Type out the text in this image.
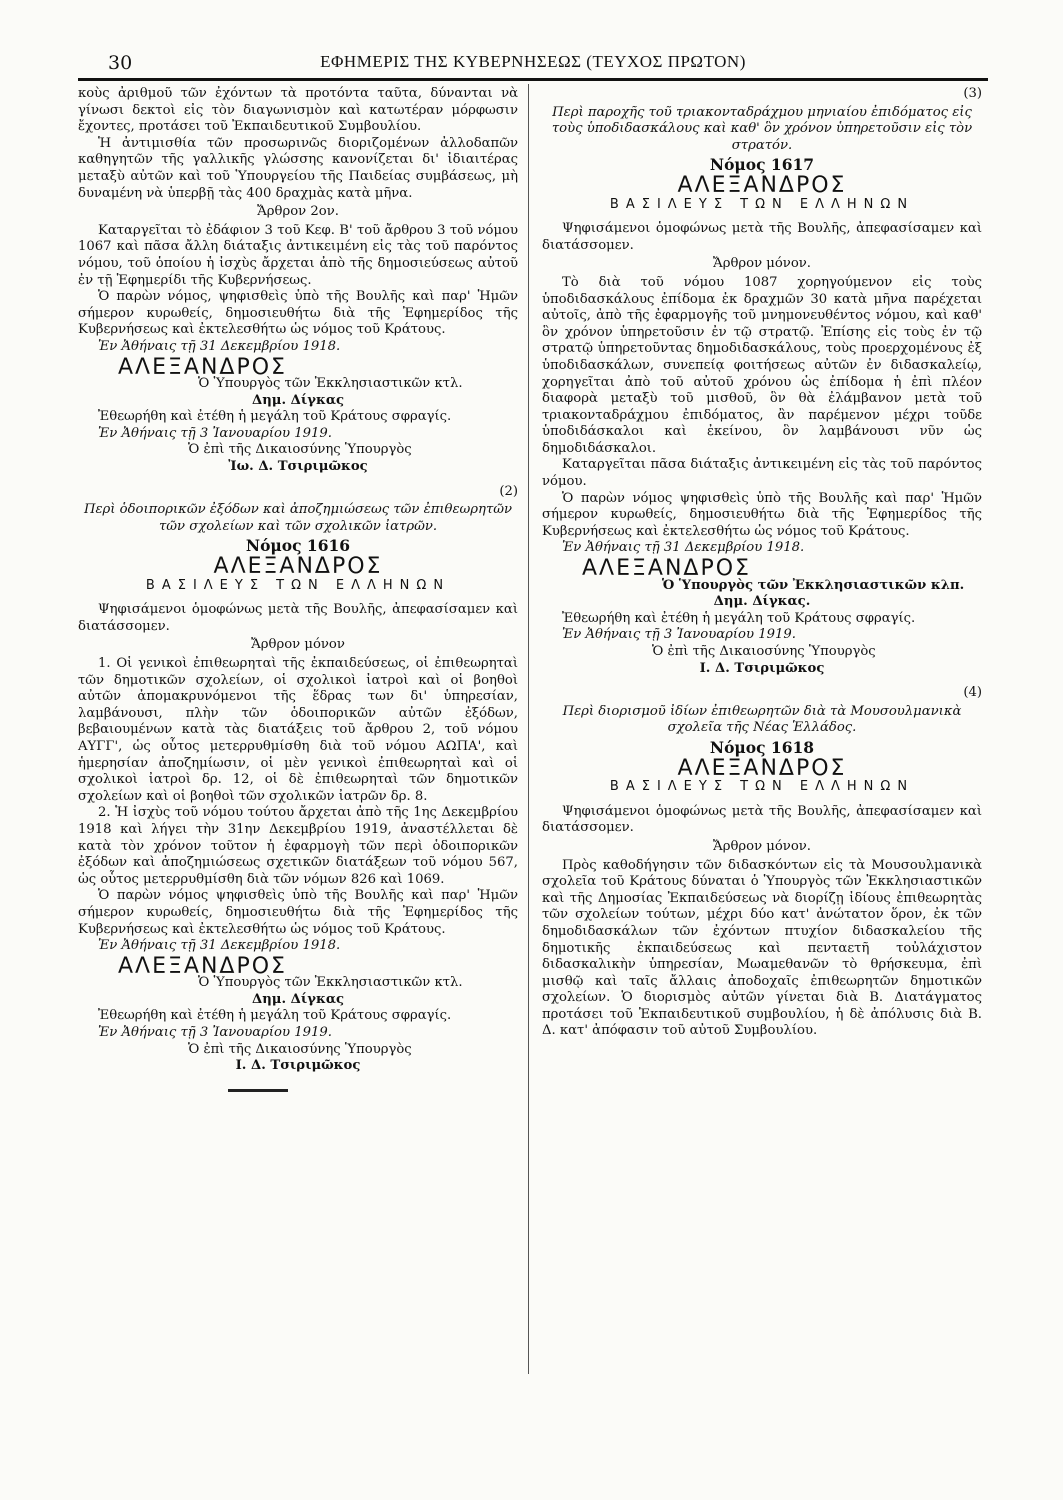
30	ΕΦΗΜΕΡΙΣ ΤΗΣ ΚΥΒΕΡΝΗΣΕΩΣ (ΤΕΥΧΟΣ ΠΡΩΤΟΝ)

κοὺς ἀριθμοῦ τῶν ἐχόντων τὰ προτόντα ταῦτα, δύνανται νὰ γίνωσι δεκτοὶ εἰς τὸν διαγωνισμὸν καὶ κατωτέραν μόρφωσιν ἔχοντες, προτάσει τοῦ Ἐκπαιδευτικοῦ Συμβουλίου.

Ἡ ἀντιμισθία τῶν προσωρινῶς διοριζομένων ἀλλοδαπῶν καθηγητῶν τῆς γαλλικῆς γλώσσης κανονίζεται δι' ἰδιαιτέρας μεταξὺ αὐτῶν καὶ τοῦ Ὑπουργείου τῆς Παιδείας συμβάσεως, μὴ δυναμένη νὰ ὑπερβῇ τὰς 400 δραχμὰς κατὰ μῆνα.

Ἄρθρον 2ον.

Καταργεῖται τὸ ἐδάφιον 3 τοῦ Κεφ. Β' τοῦ ἄρθρου 3 τοῦ νόμου 1067 καὶ πᾶσα ἄλλη διάταξις ἀντικειμένη εἰς τὰς τοῦ παρόντος νόμου, τοῦ ὁποίου ἡ ἰσχὺς ἄρχεται ἀπὸ τῆς δημοσιεύσεως αὐτοῦ ἐν τῇ Ἐφημερίδι τῆς Κυβερνήσεως.

Ὁ παρὼν νόμος, ψηφισθεὶς ὑπὸ τῆς Βουλῆς καὶ παρ' Ἡμῶν σήμερον κυρωθείς, δημοσιευθήτω διὰ τῆς Ἐφημερίδος τῆς Κυβερνήσεως καὶ ἐκτελεσθήτω ὡς νόμος τοῦ Κράτους.

Ἐν Ἀθήναις τῇ 31 Δεκεμβρίου 1918.

ΑΛΕΞΑΝΔΡΟΣ

Ὁ Ὑπουργὸς τῶν Ἐκκλησιαστικῶν κτλ.

Δημ. Δίγκας

Ἐθεωρήθη καὶ ἐτέθη ἡ μεγάλη τοῦ Κράτους σφραγίς.

Ἐν Ἀθήναις τῇ 3 Ἰανουαρίου 1919.

Ὁ ἐπὶ τῆς Δικαιοσύνης Ὑπουργὸς

Ἰω. Δ. Τσιριμῶκος

(2)

Περὶ ὁδοιπορικῶν ἐξόδων καὶ ἀποζημιώσεως τῶν ἐπιθεωρητῶν τῶν σχολείων καὶ τῶν σχολικῶν ἰατρῶν.

Νόμος 1616

ΑΛΕΞΑΝΔΡΟΣ

ΒΑΣΙΛΕΥΣ ΤΩΝ ΕΛΛΗΝΩΝ

Ψηφισάμενοι ὁμοφώνως μετὰ τῆς Βουλῆς, ἀπεφασίσαμεν καὶ διατάσσομεν.

Ἄρθρον μόνον

1. Οἱ γενικοὶ ἐπιθεωρηταὶ τῆς ἐκπαιδεύσεως, οἱ ἐπιθεωρηταὶ τῶν δημοτικῶν σχολείων, οἱ σχολικοὶ ἰατροὶ καὶ οἱ βοηθοὶ αὐτῶν ἀπομακρυνόμενοι τῆς ἕδρας των δι' ὑπηρεσίαν, λαμβάνουσι, πλὴν τῶν ὁδοιπορικῶν αὐτῶν ἐξόδων, βεβαιουμένων κατὰ τὰς διατάξεις τοῦ ἄρθρου 2, τοῦ νόμου ΑΥΓΓ', ὡς οὗτος μετερρυθμίσθη διὰ τοῦ νόμου ΑΩΠΑ', καὶ ἡμερησίαν ἀποζημίωσιν, οἱ μὲν γενικοὶ ἐπιθεωρηταὶ καὶ οἱ σχολικοὶ ἰατροὶ δρ. 12, οἱ δὲ ἐπιθεωρηταὶ τῶν δημοτικῶν σχολείων καὶ οἱ βοηθοὶ τῶν σχολικῶν ἰατρῶν δρ. 8.

2. Ἡ ἰσχὺς τοῦ νόμου τούτου ἄρχεται ἀπὸ τῆς 1ης Δεκεμβρίου 1918 καὶ λήγει τὴν 31ην Δεκεμβρίου 1919, ἀναστέλλεται δὲ κατὰ τὸν χρόνον τοῦτον ἡ ἐφαρμογὴ τῶν περὶ ὁδοιπορικῶν ἐξόδων καὶ ἀποζημιώσεως σχετικῶν διατάξεων τοῦ νόμου 567, ὡς οὗτος μετερρυθμίσθη διὰ τῶν νόμων 826 καὶ 1069.

Ὁ παρὼν νόμος ψηφισθεὶς ὑπὸ τῆς Βουλῆς καὶ παρ' Ἡμῶν σήμερον κυρωθείς, δημοσιευθήτω διὰ τῆς Ἐφημερίδος τῆς Κυβερνήσεως καὶ ἐκτελεσθήτω ὡς νόμος τοῦ Κράτους.

Ἐν Ἀθήναις τῇ 31 Δεκεμβρίου 1918.

ΑΛΕΞΑΝΔΡΟΣ

Ὁ Ὑπουργὸς τῶν Ἐκκλησιαστικῶν κτλ.

Δημ. Δίγκας

Ἐθεωρήθη καὶ ἐτέθη ἡ μεγάλη τοῦ Κράτους σφραγίς.

Ἐν Ἀθήναις τῇ 3 Ἰανουαρίου 1919.

Ὁ ἐπὶ τῆς Δικαιοσύνης Ὑπουργὸς

Ι. Δ. Τσιριμῶκος

(3)

Περὶ παροχῆς τοῦ τριακονταδράχμου μηνιαίου ἐπιδόματος εἰς τοὺς ὑποδιδασκάλους καὶ καθ' ὃν χρόνον ὑπηρετοῦσιν εἰς τὸν στρατόν.

Νόμος 1617

ΑΛΕΞΑΝΔΡΟΣ

ΒΑΣΙΛΕΥΣ ΤΩΝ ΕΛΛΗΝΩΝ

Ψηφισάμενοι ὁμοφώνως μετὰ τῆς Βουλῆς, ἀπεφασίσαμεν καὶ διατάσσομεν.

Ἄρθρον μόνον.

Τὸ διὰ τοῦ νόμου 1087 χορηγούμενον εἰς τοὺς ὑποδιδασκάλους ἐπίδομα ἐκ δραχμῶν 30 κατὰ μῆνα παρέχεται αὐτοῖς, ἀπὸ τῆς ἐφαρμογῆς τοῦ μνημονευθέντος νόμου, καὶ καθ' ὃν χρόνον ὑπηρετοῦσιν ἐν τῷ στρατῷ. Ἐπίσης εἰς τοὺς ἐν τῷ στρατῷ ὑπηρετοῦντας δημοδιδασκάλους, τοὺς προερχομένους ἐξ ὑποδιδασκάλων, συνεπείᾳ φοιτήσεως αὐτῶν ἐν διδασκαλείῳ, χορηγεῖται ἀπὸ τοῦ αὐτοῦ χρόνου ὡς ἐπίδομα ἡ ἐπὶ πλέον διαφορὰ μεταξὺ τοῦ μισθοῦ, ὃν θὰ ἐλάμβανον μετὰ τοῦ τριακονταδράχμου ἐπιδόματος, ἂν παρέμενον μέχρι τοῦδε ὑποδιδάσκαλοι καὶ ἐκείνου, ὃν λαμβάνουσι νῦν ὡς δημοδιδάσκαλοι.

Καταργεῖται πᾶσα διάταξις ἀντικειμένη εἰς τὰς τοῦ παρόντος νόμου.

Ὁ παρὼν νόμος ψηφισθεὶς ὑπὸ τῆς Βουλῆς καὶ παρ' Ἡμῶν σήμερον κυρωθείς, δημοσιευθήτω διὰ τῆς Ἐφημερίδος τῆς Κυβερνήσεως καὶ ἐκτελεσθήτω ὡς νόμος τοῦ Κράτους.

Ἐν Ἀθήναις τῇ 31 Δεκεμβρίου 1918.

ΑΛΕΞΑΝΔΡΟΣ

Ὁ Ὑπουργὸς τῶν Ἐκκλησιαστικῶν κλπ.

Δημ. Δίγκας.

Ἐθεωρήθη καὶ ἐτέθη ἡ μεγάλη τοῦ Κράτους σφραγίς.

Ἐν Ἀθήναις τῇ 3 Ἰανουαρίου 1919.

Ὁ ἐπὶ τῆς Δικαιοσύνης Ὑπουργὸς

Ι. Δ. Τσιριμῶκος

(4)

Περὶ διορισμοῦ ἰδίων ἐπιθεωρητῶν διὰ τὰ Μουσουλμανικὰ σχολεῖα τῆς Νέας Ἑλλάδος.

Νόμος 1618

ΑΛΕΞΑΝΔΡΟΣ

ΒΑΣΙΛΕΥΣ ΤΩΝ ΕΛΛΗΝΩΝ

Ψηφισάμενοι ὁμοφώνως μετὰ τῆς Βουλῆς, ἀπεφασίσαμεν καὶ διατάσσομεν.

Ἄρθρον μόνον.

Πρὸς καθοδήγησιν τῶν διδασκόντων εἰς τὰ Μουσουλμανικὰ σχολεῖα τοῦ Κράτους δύναται ὁ Ὑπουργὸς τῶν Ἐκκλησιαστικῶν καὶ τῆς Δημοσίας Ἐκπαιδεύσεως νὰ διορίζῃ ἰδίους ἐπιθεωρητὰς τῶν σχολείων τούτων, μέχρι δύο κατ' ἀνώτατον ὅρον, ἐκ τῶν δημοδιδασκάλων τῶν ἐχόντων πτυχίον διδασκαλείου τῆς δημοτικῆς ἐκπαιδεύσεως καὶ πενταετῆ τοὐλάχιστον διδασκαλικὴν ὑπηρεσίαν, Μωαμεθανῶν τὸ θρήσκευμα, ἐπὶ μισθῷ καὶ ταῖς ἄλλαις ἀποδοχαῖς ἐπιθεωρητῶν δημοτικῶν σχολείων. Ὁ διορισμὸς αὐτῶν γίνεται διὰ Β. Διατάγματος προτάσει τοῦ Ἐκπαιδευτικοῦ συμβουλίου, ἡ δὲ ἀπόλυσις διὰ Β. Δ. κατ' ἀπόφασιν τοῦ αὐτοῦ Συμβουλίου.
